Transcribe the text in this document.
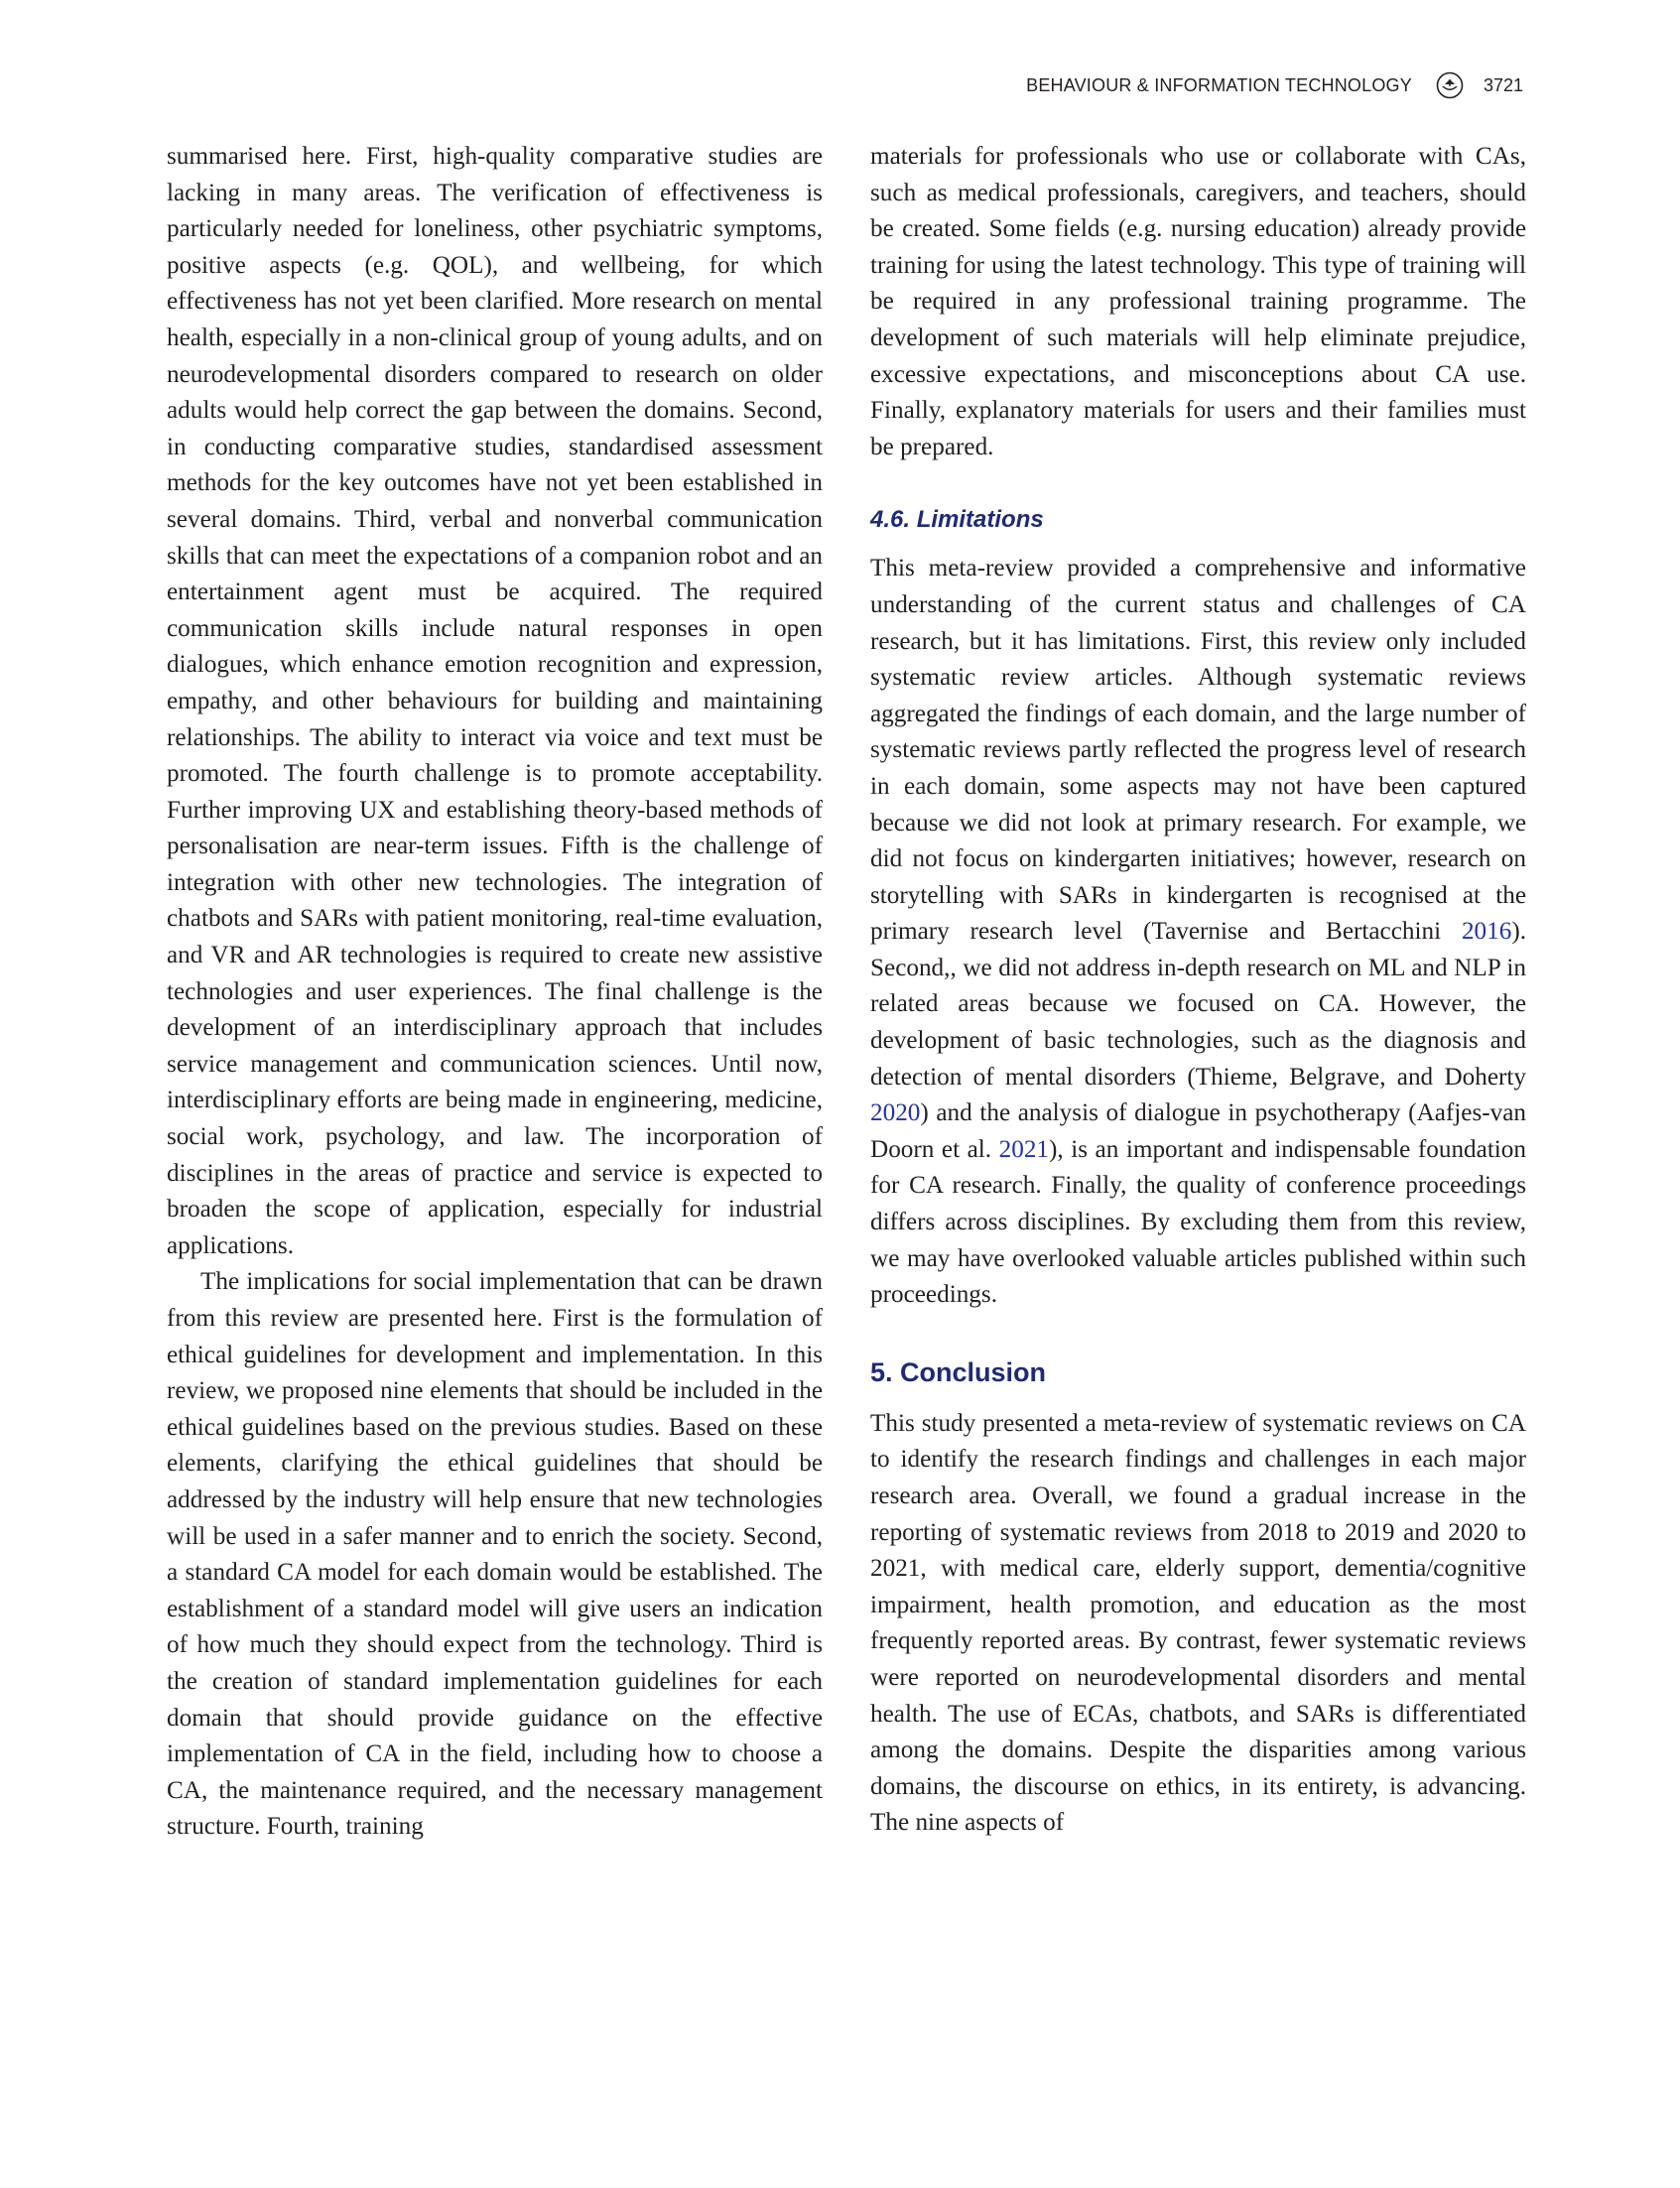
BEHAVIOUR & INFORMATION TECHNOLOGY	3721

summarised here. First, high-quality comparative studies are lacking in many areas. The verification of effectiveness is particularly needed for loneliness, other psychiatric symptoms, positive aspects (e.g. QOL), and wellbeing, for which effectiveness has not yet been clarified. More research on mental health, especially in a non-clinical group of young adults, and on neurodevelopmental disorders compared to research on older adults would help correct the gap between the domains. Second, in conducting comparative studies, standardised assessment methods for the key outcomes have not yet been established in several domains. Third, verbal and nonverbal communication skills that can meet the expectations of a companion robot and an entertainment agent must be acquired. The required communication skills include natural responses in open dialogues, which enhance emotion recognition and expression, empathy, and other behaviours for building and maintaining relationships. The ability to interact via voice and text must be promoted. The fourth challenge is to promote acceptability. Further improving UX and establishing theory-based methods of personalisation are near-term issues. Fifth is the challenge of integration with other new technologies. The integration of chatbots and SARs with patient monitoring, real-time evaluation, and VR and AR technologies is required to create new assistive technologies and user experiences. The final challenge is the development of an interdisciplinary approach that includes service management and communication sciences. Until now, interdisciplinary efforts are being made in engineering, medicine, social work, psychology, and law. The incorporation of disciplines in the areas of practice and service is expected to broaden the scope of application, especially for industrial applications.

The implications for social implementation that can be drawn from this review are presented here. First is the formulation of ethical guidelines for development and implementation. In this review, we proposed nine elements that should be included in the ethical guidelines based on the previous studies. Based on these elements, clarifying the ethical guidelines that should be addressed by the industry will help ensure that new technologies will be used in a safer manner and to enrich the society. Second, a standard CA model for each domain would be established. The establishment of a standard model will give users an indication of how much they should expect from the technology. Third is the creation of standard implementation guidelines for each domain that should provide guidance on the effective implementation of CA in the field, including how to choose a CA, the maintenance required, and the necessary management structure. Fourth, training

materials for professionals who use or collaborate with CAs, such as medical professionals, caregivers, and teachers, should be created. Some fields (e.g. nursing education) already provide training for using the latest technology. This type of training will be required in any professional training programme. The development of such materials will help eliminate prejudice, excessive expectations, and misconceptions about CA use. Finally, explanatory materials for users and their families must be prepared.

4.6. Limitations

This meta-review provided a comprehensive and informative understanding of the current status and challenges of CA research, but it has limitations. First, this review only included systematic review articles. Although systematic reviews aggregated the findings of each domain, and the large number of systematic reviews partly reflected the progress level of research in each domain, some aspects may not have been captured because we did not look at primary research. For example, we did not focus on kindergarten initiatives; however, research on storytelling with SARs in kindergarten is recognised at the primary research level (Tavernise and Bertacchini 2016). Second,, we did not address in-depth research on ML and NLP in related areas because we focused on CA. However, the development of basic technologies, such as the diagnosis and detection of mental disorders (Thieme, Belgrave, and Doherty 2020) and the analysis of dialogue in psychotherapy (Aafjes-van Doorn et al. 2021), is an important and indispensable foundation for CA research. Finally, the quality of conference proceedings differs across disciplines. By excluding them from this review, we may have overlooked valuable articles published within such proceedings.

5. Conclusion

This study presented a meta-review of systematic reviews on CA to identify the research findings and challenges in each major research area. Overall, we found a gradual increase in the reporting of systematic reviews from 2018 to 2019 and 2020 to 2021, with medical care, elderly support, dementia/cognitive impairment, health promotion, and education as the most frequently reported areas. By contrast, fewer systematic reviews were reported on neurodevelopmental disorders and mental health. The use of ECAs, chatbots, and SARs is differentiated among the domains. Despite the disparities among various domains, the discourse on ethics, in its entirety, is advancing. The nine aspects of
